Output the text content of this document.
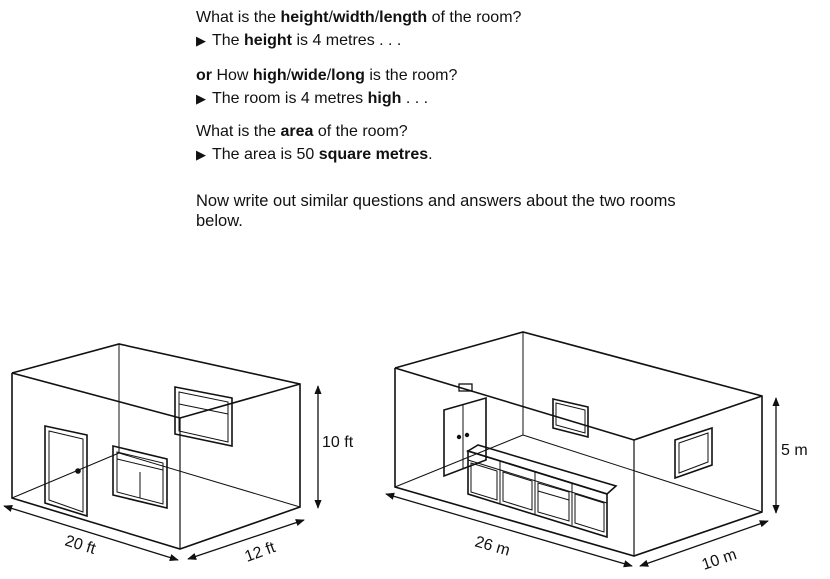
What is the height/width/length of the room?
▶ The height is 4 metres . . .
or How high/wide/long is the room?
▶ The room is 4 metres high . . .
What is the area of the room?
▶ The area is 50 square metres.
Now write out similar questions and answers about the two rooms
below.
10 ft
20 ft	12 ft
5 m
26 m	10 m
